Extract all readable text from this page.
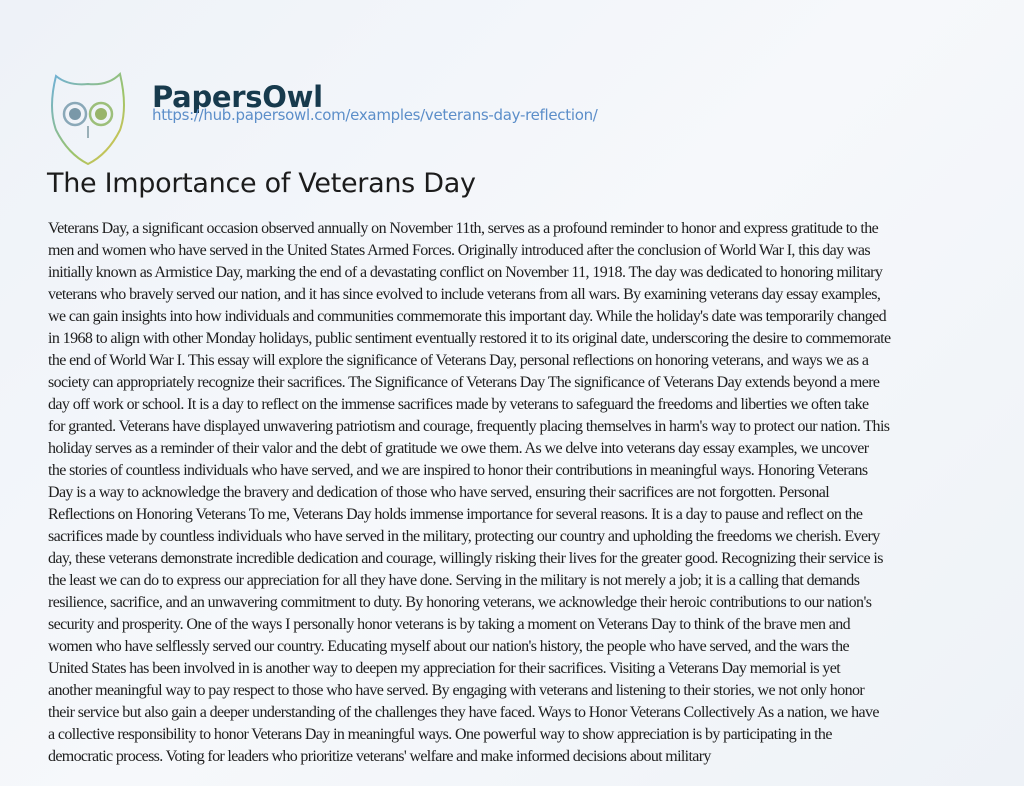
PapersOwl
https://hub.papersowl.com/examples/veterans-day-reflection/
The Importance of Veterans Day
Veterans Day, a significant occasion observed annually on November 11th, serves as a profound reminder to honor and express gratitude to the
men and women who have served in the United States Armed Forces. Originally introduced after the conclusion of World War I, this day was
initially known as Armistice Day, marking the end of a devastating conflict on November 11, 1918. The day was dedicated to honoring military
veterans who bravely served our nation, and it has since evolved to include veterans from all wars. By examining veterans day essay examples,
we can gain insights into how individuals and communities commemorate this important day. While the holiday's date was temporarily changed
in 1968 to align with other Monday holidays, public sentiment eventually restored it to its original date, underscoring the desire to commemorate
the end of World War I. This essay will explore the significance of Veterans Day, personal reflections on honoring veterans, and ways we as a
society can appropriately recognize their sacrifices. The Significance of Veterans Day The significance of Veterans Day extends beyond a mere
day off work or school. It is a day to reflect on the immense sacrifices made by veterans to safeguard the freedoms and liberties we often take
for granted. Veterans have displayed unwavering patriotism and courage, frequently placing themselves in harm's way to protect our nation. This
holiday serves as a reminder of their valor and the debt of gratitude we owe them. As we delve into veterans day essay examples, we uncover
the stories of countless individuals who have served, and we are inspired to honor their contributions in meaningful ways. Honoring Veterans
Day is a way to acknowledge the bravery and dedication of those who have served, ensuring their sacrifices are not forgotten. Personal
Reflections on Honoring Veterans To me, Veterans Day holds immense importance for several reasons. It is a day to pause and reflect on the
sacrifices made by countless individuals who have served in the military, protecting our country and upholding the freedoms we cherish. Every
day, these veterans demonstrate incredible dedication and courage, willingly risking their lives for the greater good. Recognizing their service is
the least we can do to express our appreciation for all they have done. Serving in the military is not merely a job; it is a calling that demands
resilience, sacrifice, and an unwavering commitment to duty. By honoring veterans, we acknowledge their heroic contributions to our nation's
security and prosperity. One of the ways I personally honor veterans is by taking a moment on Veterans Day to think of the brave men and
women who have selflessly served our country. Educating myself about our nation's history, the people who have served, and the wars the
United States has been involved in is another way to deepen my appreciation for their sacrifices. Visiting a Veterans Day memorial is yet
another meaningful way to pay respect to those who have served. By engaging with veterans and listening to their stories, we not only honor
their service but also gain a deeper understanding of the challenges they have faced. Ways to Honor Veterans Collectively As a nation, we have
a collective responsibility to honor Veterans Day in meaningful ways. One powerful way to show appreciation is by participating in the
democratic process. Voting for leaders who prioritize veterans' welfare and make informed decisions about military
